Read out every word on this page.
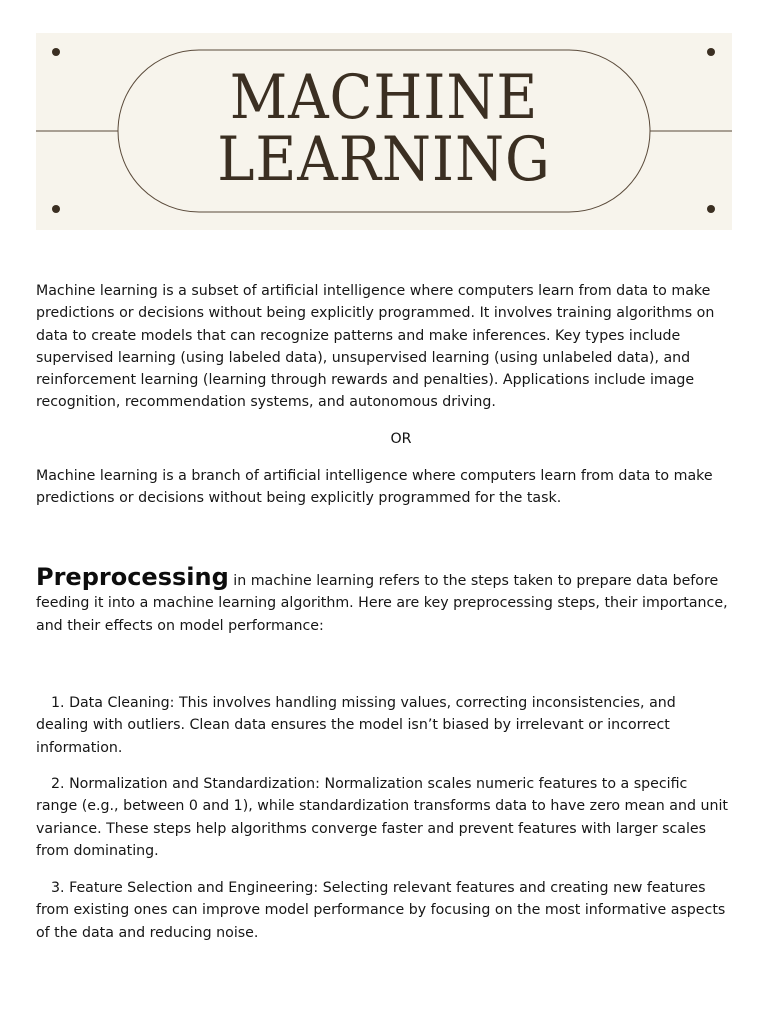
MACHINE
LEARNING

Machine learning is a subset of artificial intelligence where computers learn from data to make predictions or decisions without being explicitly programmed. It involves training algorithms on data to create models that can recognize patterns and make inferences. Key types include supervised learning (using labeled data), unsupervised learning (using unlabeled data), and reinforcement learning (learning through rewards and penalties). Applications include image recognition, recommendation systems, and autonomous driving.

OR

Machine learning is a branch of artificial intelligence where computers learn from data to make predictions or decisions without being explicitly programmed for the task.

Preprocessing in machine learning refers to the steps taken to prepare data before feeding it into a machine learning algorithm. Here are key preprocessing steps, their importance, and their effects on model performance:

1. Data Cleaning: This involves handling missing values, correcting inconsistencies, and dealing with outliers. Clean data ensures the model isn’t biased by irrelevant or incorrect information.

2. Normalization and Standardization: Normalization scales numeric features to a specific range (e.g., between 0 and 1), while standardization transforms data to have zero mean and unit variance. These steps help algorithms converge faster and prevent features with larger scales from dominating.

3. Feature Selection and Engineering: Selecting relevant features and creating new features from existing ones can improve model performance by focusing on the most informative aspects of the data and reducing noise.
